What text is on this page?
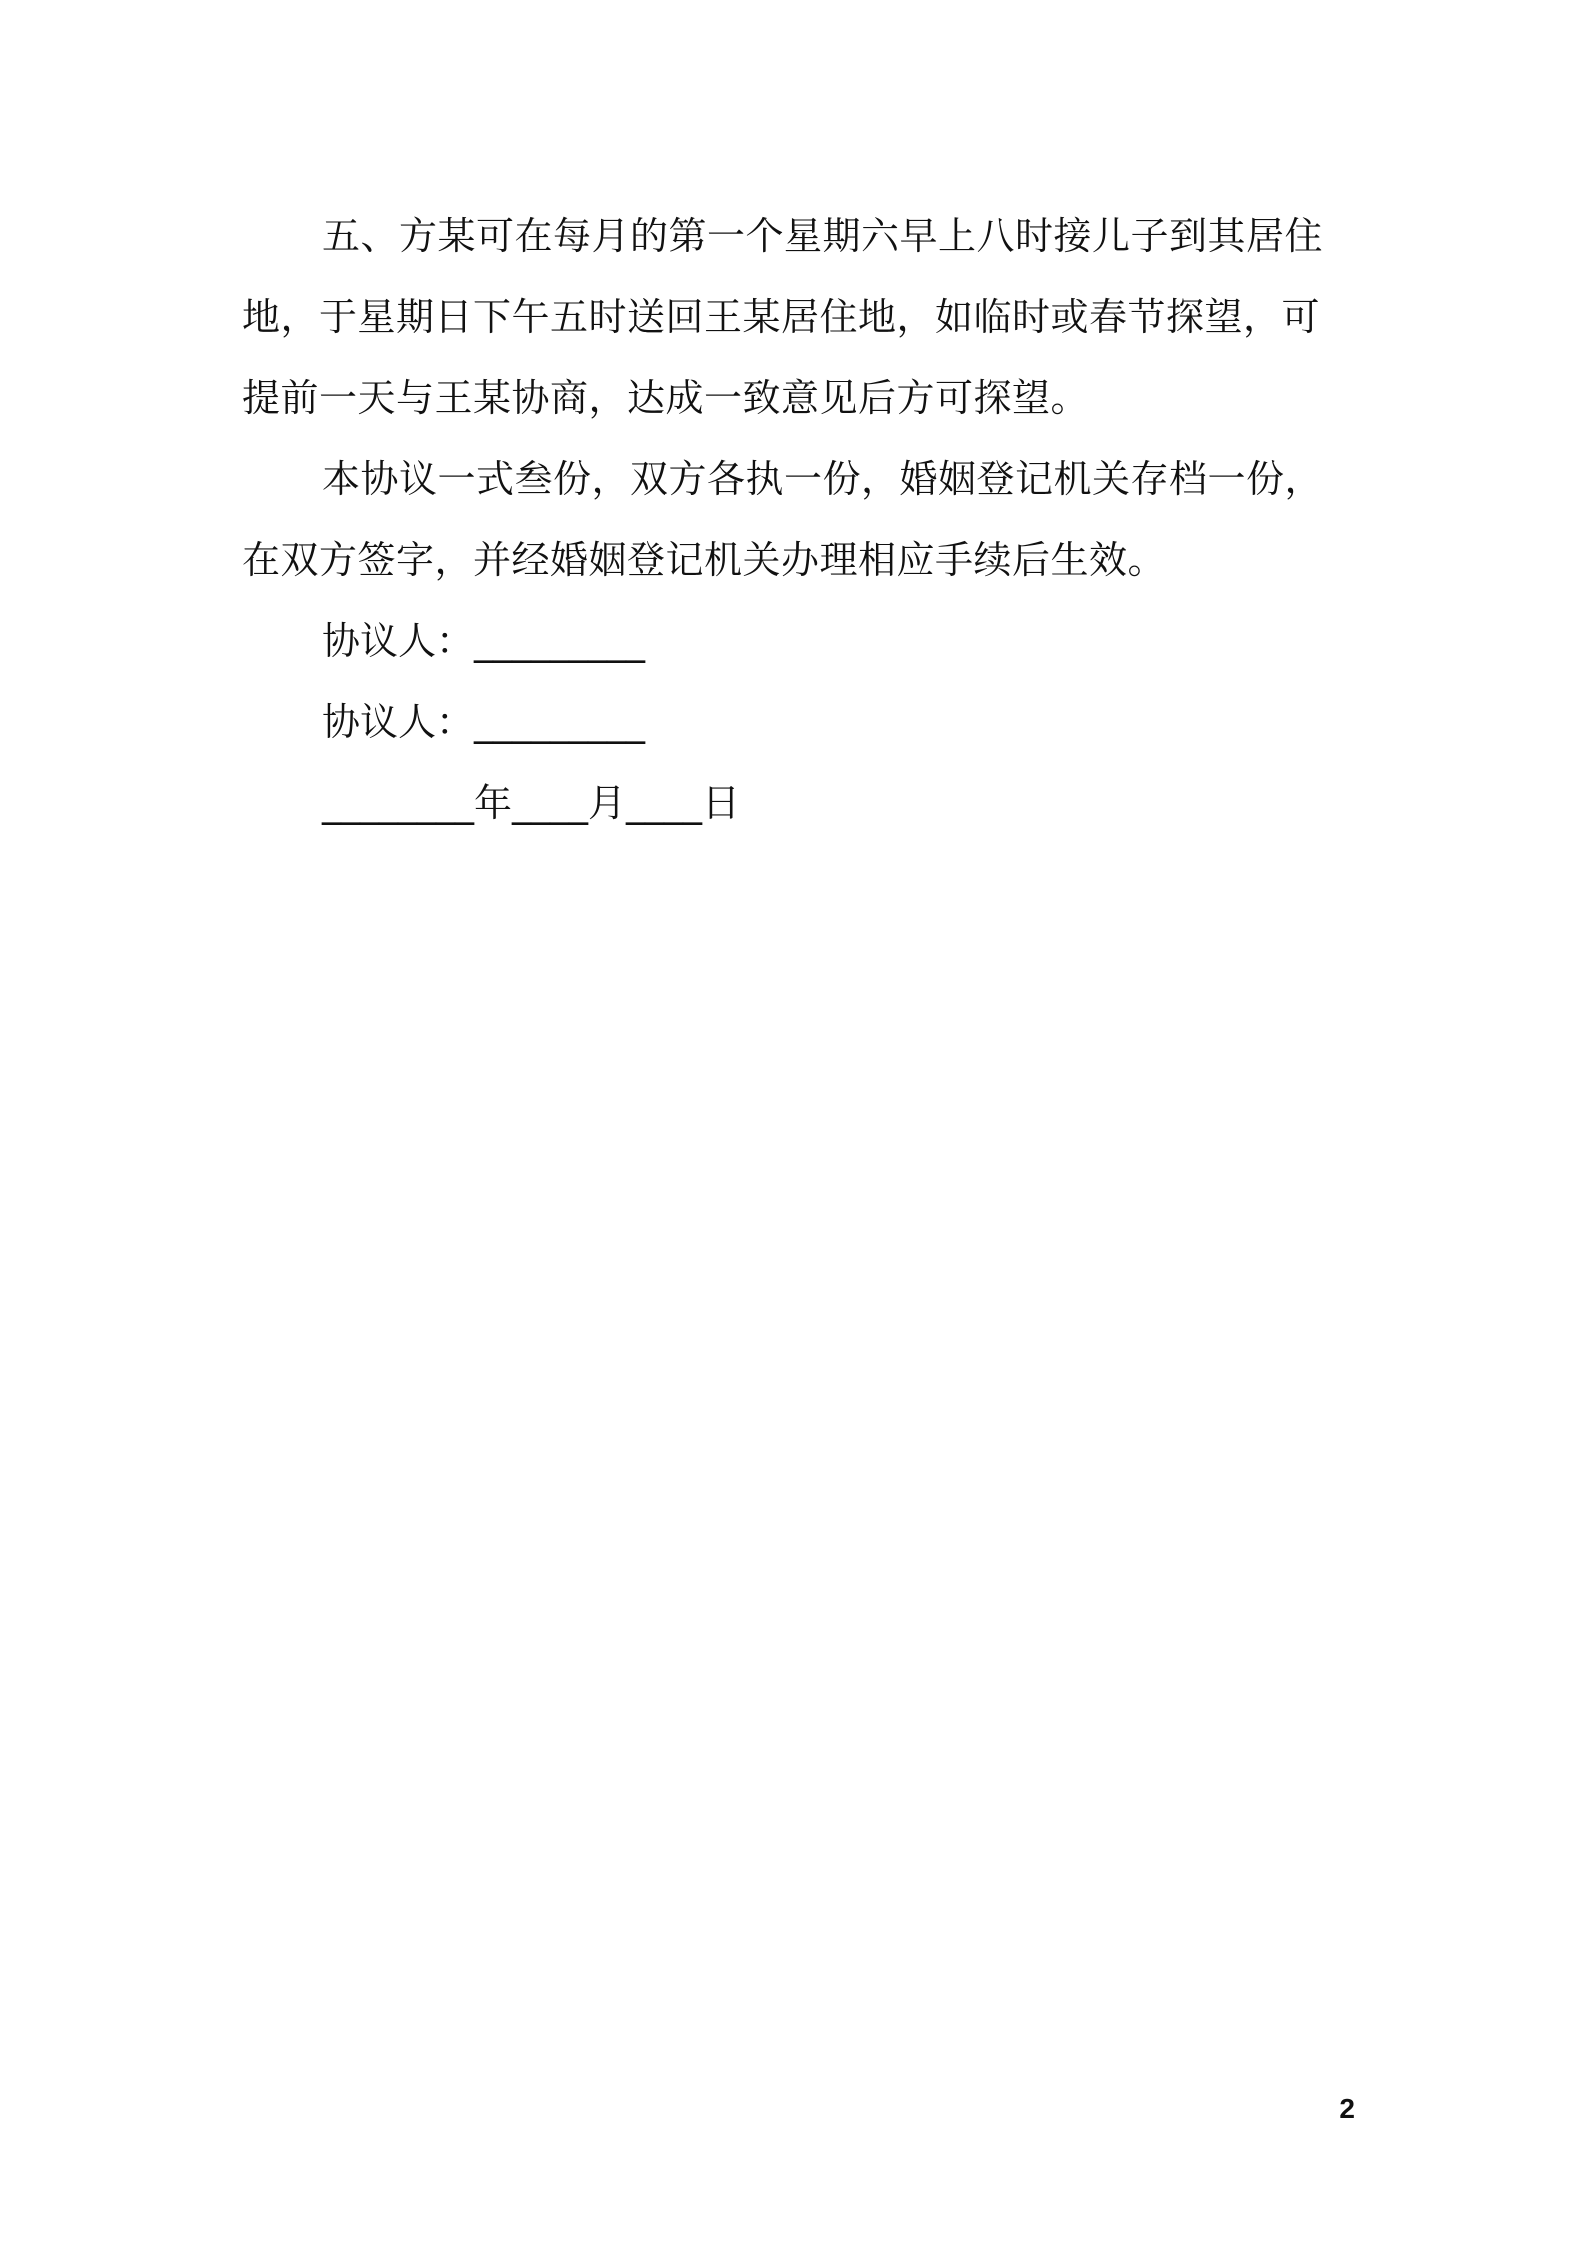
五、方某可在每月的第一个星期六早上八时接儿子到其居住地，于星期日下午五时送回王某居住地，如临时或春节探望，可提前一天与王某协商，达成一致意见后方可探望。

本协议一式叁份，双方各执一份，婚姻登记机关存档一份，在双方签字，并经婚姻登记机关办理相应手续后生效。

协议人：_________

协议人：_________

________年____月____日

2
